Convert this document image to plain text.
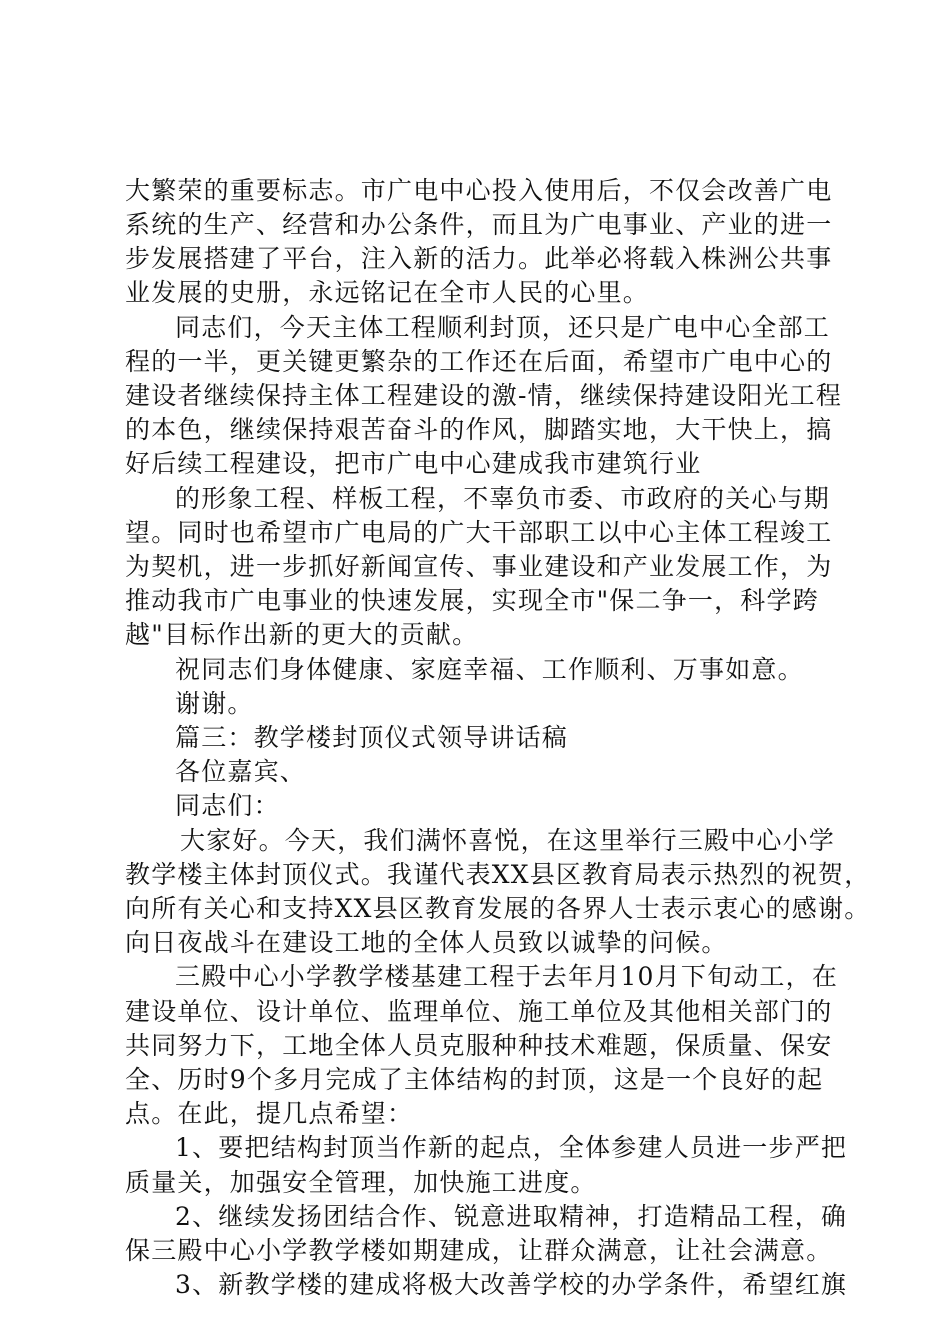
大繁荣的重要标志。市广电中心投入使用后，不仅会改善广电
系统的生产、经营和办公条件，而且为广电事业、产业的进一
步发展搭建了平台，注入新的活力。此举必将载入株洲公共事
业发展的史册，永远铭记在全市人民的心里。
同志们，今天主体工程顺利封顶，还只是广电中心全部工
程的一半，更关键更繁杂的工作还在后面，希望市广电中心的
建设者继续保持主体工程建设的激-情，继续保持建设阳光工程
的本色，继续保持艰苦奋斗的作风，脚踏实地，大干快上，搞
好后续工程建设，把市广电中心建成我市建筑行业
的形象工程、样板工程，不辜负市委、市政府的关心与期
望。同时也希望市广电局的广大干部职工以中心主体工程竣工
为契机，进一步抓好新闻宣传、事业建设和产业发展工作，为
推动我市广电事业的快速发展，实现全市"保二争一，科学跨
越"目标作出新的更大的贡献。
祝同志们身体健康、家庭幸福、工作顺利、万事如意。
谢谢。
篇三：教学楼封顶仪式领导讲话稿
各位嘉宾、
同志们：
大家好。今天，我们满怀喜悦，在这里举行三殿中心小学
教学楼主体封顶仪式。我谨代表XX县区教育局表示热烈的祝贺，
向所有关心和支持XX县区教育发展的各界人士表示衷心的感谢。
向日夜战斗在建设工地的全体人员致以诚挚的问候。
三殿中心小学教学楼基建工程于去年月10月下旬动工，在
建设单位、设计单位、监理单位、施工单位及其他相关部门的
共同努力下，工地全体人员克服种种技术难题，保质量、保安
全、历时9个多月完成了主体结构的封顶，这是一个良好的起
点。在此，提几点希望：
1、要把结构封顶当作新的起点，全体参建人员进一步严把
质量关，加强安全管理，加快施工进度。
2、继续发扬团结合作、锐意进取精神，打造精品工程，确
保三殿中心小学教学楼如期建成，让群众满意，让社会满意。
3、新教学楼的建成将极大改善学校的办学条件，希望红旗
